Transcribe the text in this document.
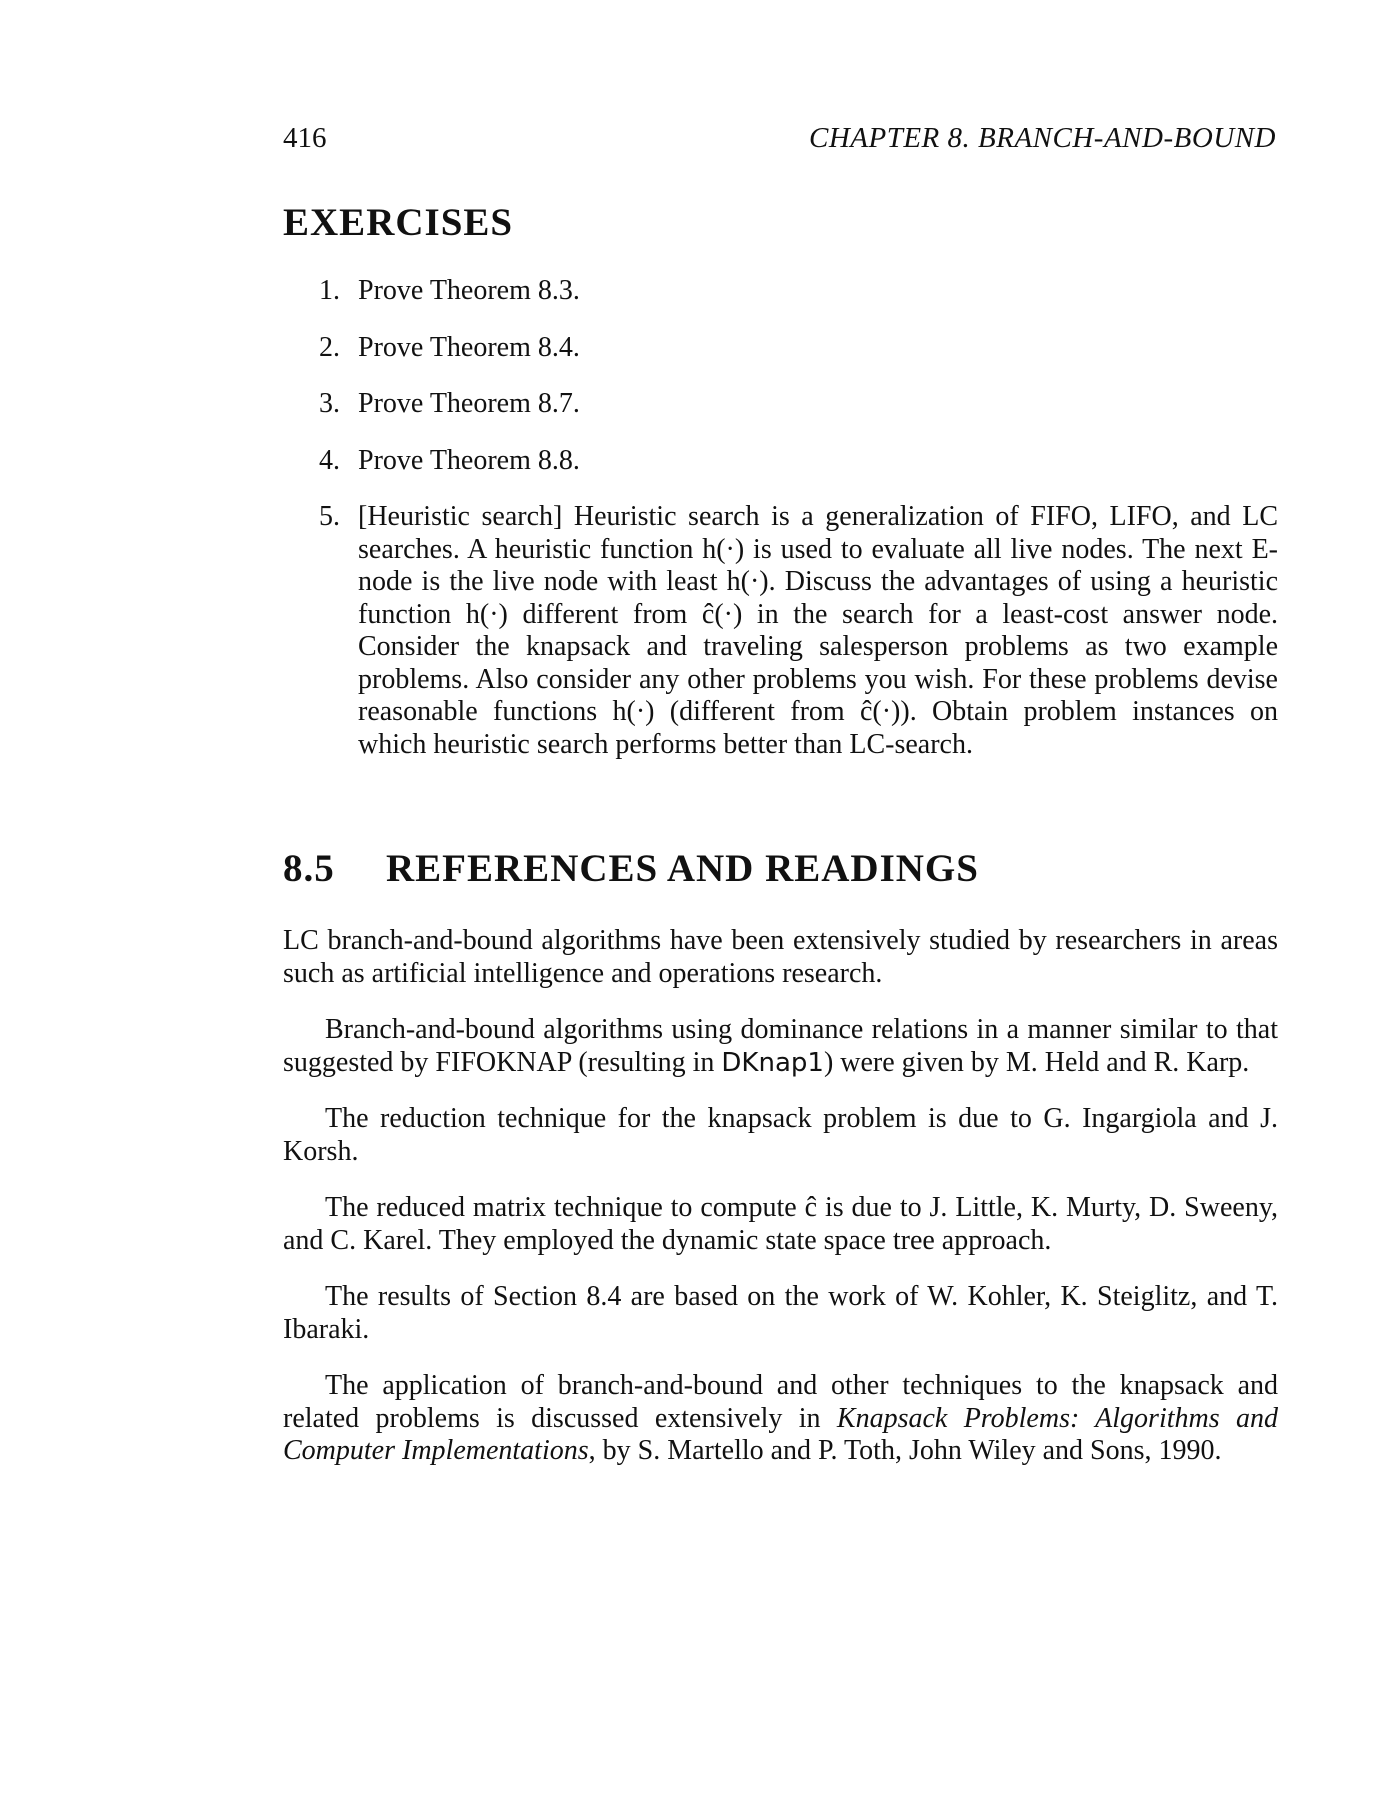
416	CHAPTER 8. BRANCH-AND-BOUND
EXERCISES
1. Prove Theorem 8.3.
2. Prove Theorem 8.4.
3. Prove Theorem 8.7.
4. Prove Theorem 8.8.
5. [Heuristic search] Heuristic search is a generalization of FIFO, LIFO, and LC searches. A heuristic function h(·) is used to evaluate all live nodes. The next E-node is the live node with least h(·). Discuss the advantages of using a heuristic function h(·) different from ĉ(·) in the search for a least-cost answer node. Consider the knapsack and traveling salesperson problems as two example problems. Also consider any other problems you wish. For these problems devise reasonable functions h(·) (different from ĉ(·)). Obtain problem instances on which heuristic search performs better than LC-search.
8.5 REFERENCES AND READINGS

LC branch-and-bound algorithms have been extensively studied by researchers in areas such as artificial intelligence and operations research.

Branch-and-bound algorithms using dominance relations in a manner similar to that suggested by FIFOKNAP (resulting in DKnap1) were given by M. Held and R. Karp.

The reduction technique for the knapsack problem is due to G. Ingargiola and J. Korsh.

The reduced matrix technique to compute ĉ is due to J. Little, K. Murty, D. Sweeny, and C. Karel. They employed the dynamic state space tree approach.

The results of Section 8.4 are based on the work of W. Kohler, K. Steiglitz, and T. Ibaraki.

The application of branch-and-bound and other techniques to the knapsack and related problems is discussed extensively in Knapsack Problems: Algorithms and Computer Implementations, by S. Martello and P. Toth, John Wiley and Sons, 1990.
